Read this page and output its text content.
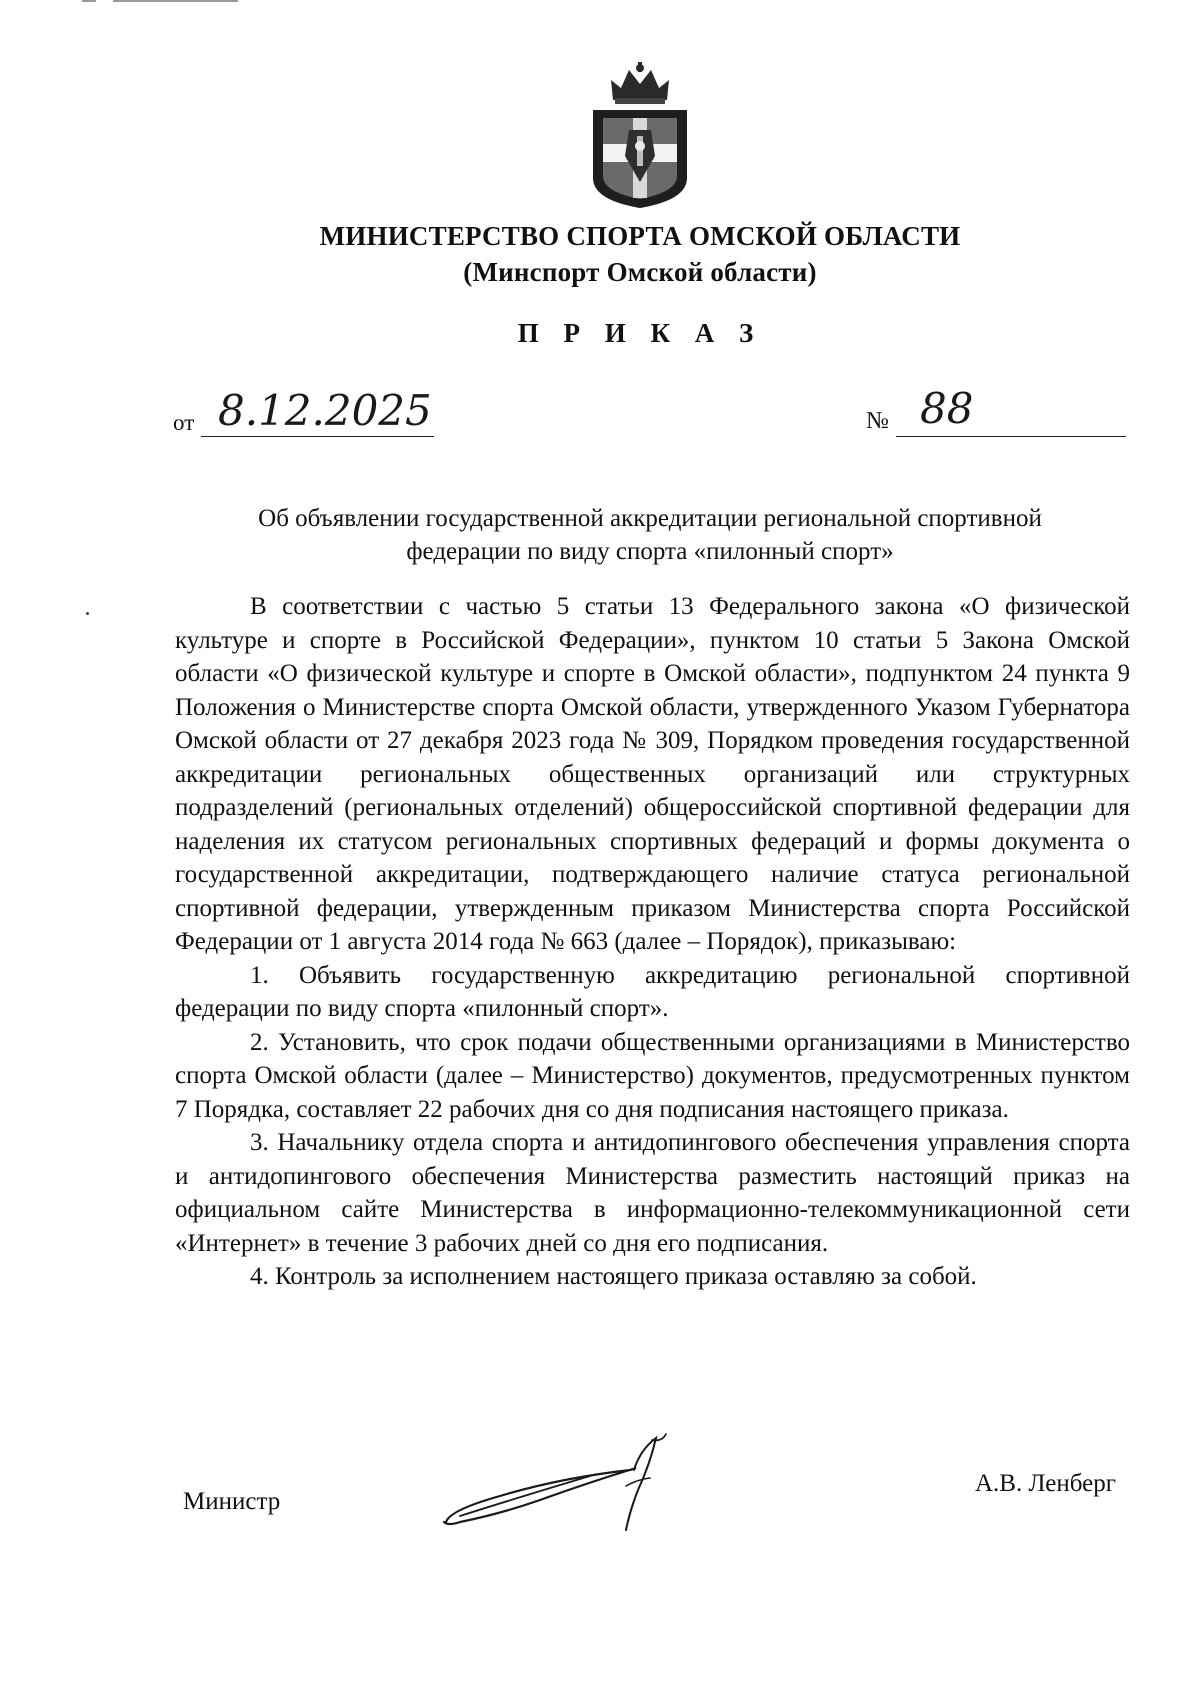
МИНИСТЕРСТВО СПОРТА ОМСКОЙ ОБЛАСТИ
(Минспорт Омской области)
П Р И К А З
от 8.12.2025	№ 88
Об объявлении государственной аккредитации региональной спортивной
федерации по виду спорта «пилонный спорт»

В соответствии с частью 5 статьи 13 Федерального закона «О физической культуре и спорте в Российской Федерации», пунктом 10 статьи 5 Закона Омской области «О физической культуре и спорте в Омской области», подпунктом 24 пункта 9 Положения о Министерстве спорта Омской области, утвержденного Указом Губернатора Омской области от 27 декабря 2023 года № 309, Порядком проведения государственной аккредитации региональных общественных организаций или структурных подразделений (региональных отделений) общероссийской спортивной федерации для наделения их статусом региональных спортивных федераций и формы документа о государственной аккредитации, подтверждающего наличие статуса региональной спортивной федерации, утвержденным приказом Министерства спорта Российской Федерации от 1 августа 2014 года № 663 (далее – Порядок), приказываю:

1. Объявить государственную аккредитацию региональной спортивной федерации по виду спорта «пилонный спорт».

2. Установить, что срок подачи общественными организациями в Министерство спорта Омской области (далее – Министерство) документов, предусмотренных пунктом 7 Порядка, составляет 22 рабочих дня со дня подписания настоящего приказа.

3. Начальнику отдела спорта и антидопингового обеспечения управления спорта и антидопингового обеспечения Министерства разместить настоящий приказ на официальном сайте Министерства в информационно-телекоммуникационной сети «Интернет» в течение 3 рабочих дней со дня его подписания.

4. Контроль за исполнением настоящего приказа оставляю за собой.

Министр
А.В. Ленберг
